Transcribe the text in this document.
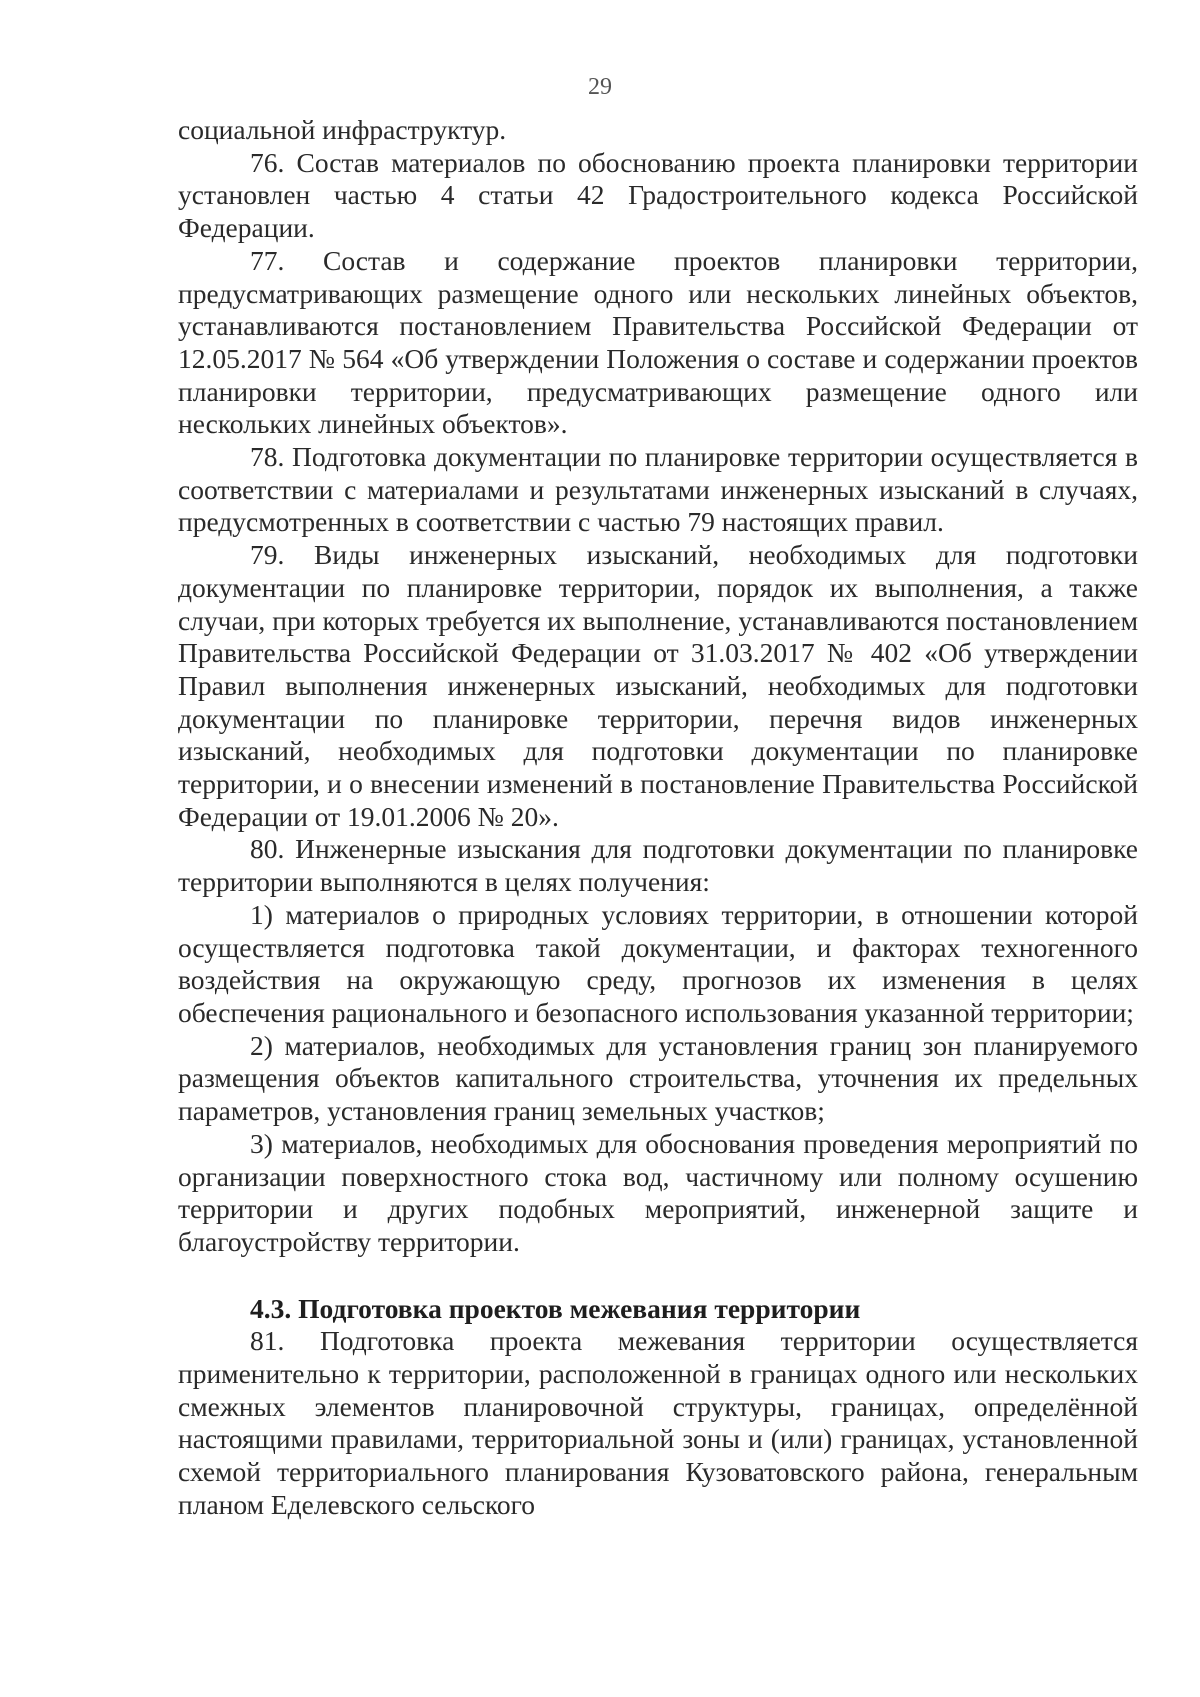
29

социальной инфраструктур.

76. Состав материалов по обоснованию проекта планировки территории установлен частью 4 статьи 42 Градостроительного кодекса Российской Федерации.

77. Состав и содержание проектов планировки территории, предусматривающих размещение одного или нескольких линейных объектов, устанавливаются постановлением Правительства Российской Федерации от 12.05.2017 № 564 «Об утверждении Положения о составе и содержании проектов планировки территории, предусматривающих размещение одного или нескольких линейных объектов».

78. Подготовка документации по планировке территории осуществляется в соответствии с материалами и результатами инженерных изысканий в случаях, предусмотренных в соответствии с частью 79 настоящих правил.

79. Виды инженерных изысканий, необходимых для подготовки документации по планировке территории, порядок их выполнения, а также случаи, при которых требуется их выполнение, устанавливаются постановлением Правительства Российской Федерации от 31.03.2017 № 402 «Об утверждении Правил выполнения инженерных изысканий, необходимых для подготовки документации по планировке территории, перечня видов инженерных изысканий, необходимых для подготовки документации по планировке территории, и о внесении изменений в постановление Правительства Российской Федерации от 19.01.2006 № 20».

80. Инженерные изыскания для подготовки документации по планировке территории выполняются в целях получения:

1) материалов о природных условиях территории, в отношении которой осуществляется подготовка такой документации, и факторах техногенного воздействия на окружающую среду, прогнозов их изменения в целях обеспечения рационального и безопасного использования указанной территории;

2) материалов, необходимых для установления границ зон планируемого размещения объектов капитального строительства, уточнения их предельных параметров, установления границ земельных участков;

3) материалов, необходимых для обоснования проведения мероприятий по организации поверхностного стока вод, частичному или полному осушению территории и других подобных мероприятий, инженерной защите и благоустройству территории.

4.3. Подготовка проектов межевания территории

81. Подготовка проекта межевания территории осуществляется применительно к территории, расположенной в границах одного или нескольких смежных элементов планировочной структуры, границах, определённой настоящими правилами, территориальной зоны и (или) границах, установленной схемой территориального планирования Кузоватовского района, генеральным планом Еделевского сельского
